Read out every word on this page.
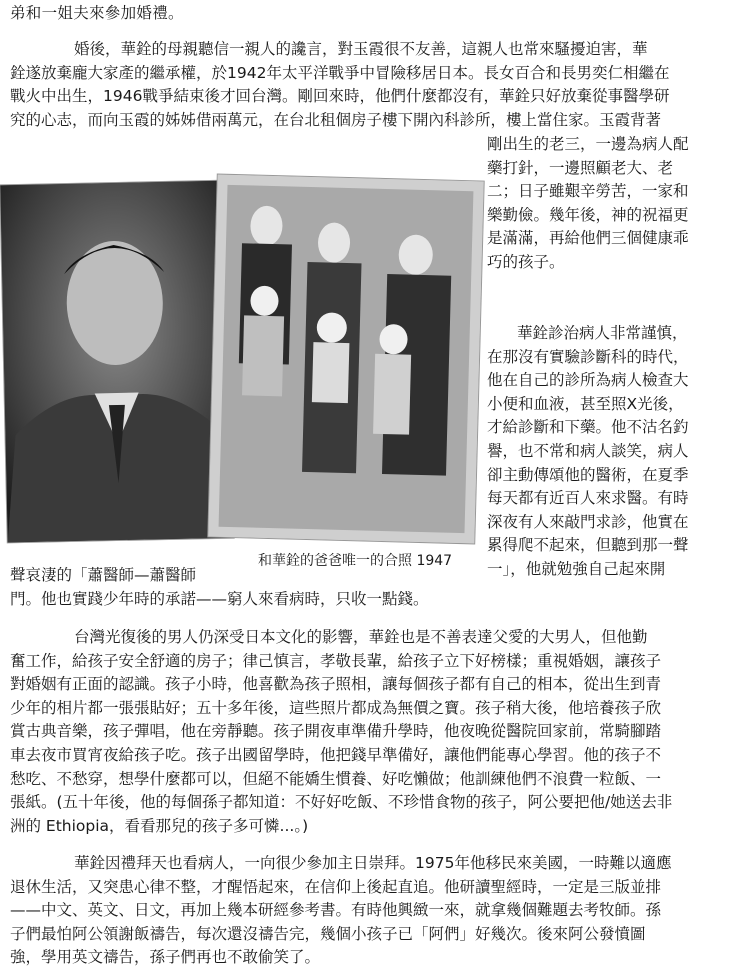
弟和一姐夫來參加婚禮。

婚後，華銓的母親聽信一親人的讒言，對玉霞很不友善，這親人也常來騷擾迫害，華
銓遂放棄龐大家產的繼承權，於1942年太平洋戰爭中冒險移居日本。長女百合和長男奕仁相繼在
戰火中出生，1946戰爭結束後才回台灣。剛回來時，他們什麼都沒有，華銓只好放棄從事醫學研
究的心志，而向玉霞的姊姊借兩萬元，在台北租個房子樓下開內科診所，樓上當住家。玉霞背著
剛出生的老三，一邊為病人配
藥打針，一邊照顧老大、老
二；日子雖艱辛勞苦，一家和
樂勤儉。幾年後，神的祝福更
是滿滿，再給他們三個健康乖
巧的孩子。

和華銓的爸爸唯一的合照 1947

華銓診治病人非常謹慎，
在那沒有實驗診斷科的時代，
他在自己的診所為病人檢查大
小便和血液，甚至照X光後，
才給診斷和下藥。他不沽名釣
譽，也不常和病人談笑，病人
卻主動傳頌他的醫術，在夏季
每天都有近百人來求醫。有時
深夜有人來敲門求診，他實在
累得爬不起來，但聽到那一聲
一」，他就勉強自己起來開
聲哀淒的「蕭醫師—蕭醫師
門。他也實踐少年時的承諾——窮人來看病時，只收一點錢。
台灣光復後的男人仍深受日本文化的影響，華銓也是不善表達父愛的大男人，但他勤
奮工作，給孩子安全舒適的房子；律己慎言，孝敬長輩，給孩子立下好榜樣；重視婚姻，讓孩子
對婚姻有正面的認識。孩子小時，他喜歡為孩子照相，讓每個孩子都有自己的相本，從出生到青
少年的相片都一張張貼好；五十多年後，這些照片都成為無價之寶。孩子稍大後，他培養孩子欣
賞古典音樂，孩子彈唱，他在旁靜聽。孩子開夜車準備升學時，他夜晚從醫院回家前，常騎腳踏
車去夜市買宵夜給孩子吃。孩子出國留學時，他把錢早準備好，讓他們能專心學習。他的孩子不
愁吃、不愁穿，想學什麼都可以，但絕不能嬌生慣養、好吃懶做；他訓練他們不浪費一粒飯、一
張紙。(五十年後，他的每個孫子都知道：不好好吃飯、不珍惜食物的孩子，阿公要把他/她送去非
洲的 Ethiopia，看看那兒的孩子多可憐...。)
華銓因禮拜天也看病人，一向很少參加主日崇拜。1975年他移民來美國，一時難以適應
退休生活，又突患心律不整，才醒悟起來，在信仰上後起直追。他研讀聖經時，一定是三版並排
——中文、英文、日文，再加上幾本研經參考書。有時他興緻一來，就拿幾個難題去考牧師。孫
子們最怕阿公領謝飯禱告，每次還沒禱告完，幾個小孩子已「阿們」好幾次。後來阿公發憤圖
強，學用英文禱告，孫子們再也不敢偷笑了。
